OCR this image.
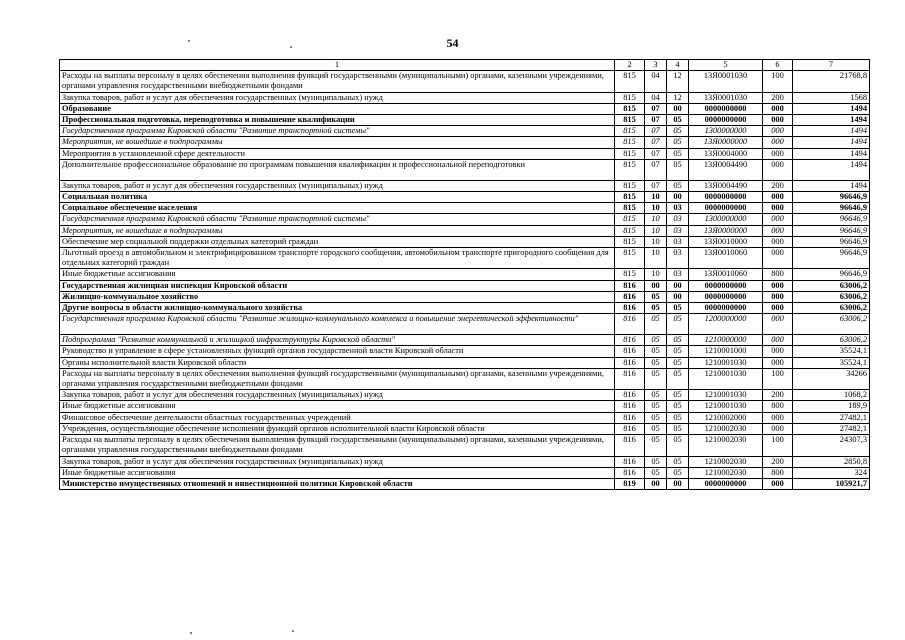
54
1	2	3	4	5	6	7
Расходы на выплаты персоналу в целях обеспечения выполнения функций государственными (муниципальными) органами, казенными учреждениями, органами управления государственными внебюджетными фондами	815	04	12	13Я0001030	100	21768,8
Закупка товаров, работ и услуг для обеспечения государственных (муниципальных) нужд	815	04	12	13Я0001030	200	1568
Образование	815	07	00	0000000000	000	1494
Профессиональная подготовка, переподготовка и повышение квалификации	815	07	05	0000000000	000	1494
Государственная программа Кировской области "Развитие транспортной системы"	815	07	05	1300000000	000	1494
Мероприятия, не вошедшие в подпрограммы	815	07	05	13Я0000000	000	1494
Мероприятия в установленной сфере деятельности	815	07	05	13Я0004000	000	1494
Дополнительное профессиональное образование по программам повышения квалификации и профессиональной переподготовки	815	07	05	13Я0004490	000	1494
Закупка товаров, работ и услуг для обеспечения государственных (муниципальных) нужд	815	07	05	13Я0004490	200	1494
Социальная политика	815	10	00	0000000000	000	96646,9
Социальное обеспечение населения	815	10	03	0000000000	000	96646,9
Государственная программа Кировской области "Развитие транспортной системы"	815	10	03	1300000000	000	96646,9
Мероприятия, не вошедшие в подпрограммы	815	10	03	13Я0000000	000	96646,9
Обеспечение мер социальной поддержки отдельных категорий граждан	815	10	03	13Я0010000	000	96646,9
Льготный проезд в автомобильном и электрифицированном транспорте городского сообщения, автомобильном транспорте пригородного сообщения для отдельных категорий граждан	815	10	03	13Я0010060	000	96646,9
Иные бюджетные ассигнования	815	10	03	13Я0010060	800	96646,9
Государственная жилищная инспекция Кировской области	816	00	00	0000000000	000	63006,2
Жилищно-коммунальное хозяйство	816	05	00	0000000000	000	63006,2
Другие вопросы в области жилищно-коммунального хозяйства	816	05	05	0000000000	000	63006,2
Государственная программа Кировской области "Развитие жилищно-коммунального комплекса и повышение энергетической эффективности"	816	05	05	1200000000	000	63006,2
Подпрограмма "Развитие коммунальной и жилищной инфраструктуры Кировской области"	816	05	05	1210000000	000	63006,2
Руководство и управление в сфере установленных функций органов государственной власти Кировской области	816	05	05	1210001000	000	35524,1
Органы исполнительной власти Кировской области	816	05	05	1210001030	000	35524,1
Расходы на выплаты персоналу в целях обеспечения выполнения функций государственными (муниципальными) органами, казенными учреждениями, органами управления государственными внебюджетными фондами	816	05	05	1210001030	100	34266
Закупка товаров, работ и услуг для обеспечения государственных (муниципальных) нужд	816	05	05	1210001030	200	1068,2
Иные бюджетные ассигнования	816	05	05	1210001030	800	189,9
Финансовое обеспечение деятельности областных государственных учреждений	816	05	05	1210002000	000	27482,1
Учреждения, осуществляющие обеспечение исполнения функций органов исполнительной власти Кировской области	816	05	05	1210002030	000	27482,1
Расходы на выплаты персоналу в целях обеспечения выполнения функций государственными (муниципальными) органами, казенными учреждениями, органами управления государственными внебюджетными фондами	816	05	05	1210002030	100	24307,3
Закупка товаров, работ и услуг для обеспечения государственных (муниципальных) нужд	816	05	05	1210002030	200	2850,8
Иные бюджетные ассигнования	816	05	05	1210002030	800	324
Министерство имущественных отношений и инвестиционной политики Кировской области	819	00	00	0000000000	000	105921,7
